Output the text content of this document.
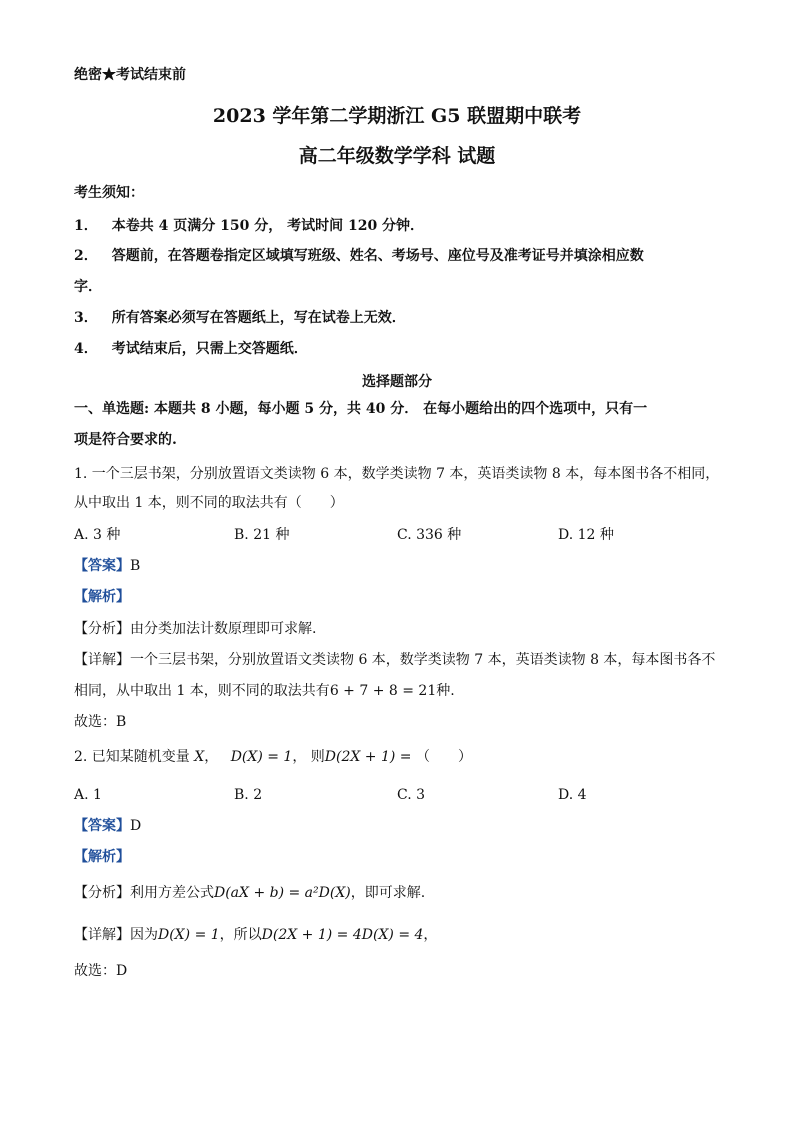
绝密★考试结束前
2023 学年第二学期浙江 G5 联盟期中联考
高二年级数学学科 试题
考生须知：
1． 本卷共 4 页满分 150 分， 考试时间 120 分钟．
2． 答题前，在答题卷指定区域填写班级、姓名、考场号、座位号及准考证号并填涂相应数
字．
3． 所有答案必须写在答题纸上，写在试卷上无效．
4． 考试结束后，只需上交答题纸．
选择题部分
一、单选题: 本题共 8 小题，每小题 5 分，共 40 分． 在每小题给出的四个选项中，只有一
项是符合要求的.
1. 一个三层书架，分别放置语文类读物 6 本，数学类读物 7 本，英语类读物 8 本，每本图书各不相同，
从中取出 1 本，则不同的取法共有（　　）
A. 3 种	B. 21 种	C. 336 种	D. 12 种
【答案】B
【解析】
【分析】由分类加法计数原理即可求解.
【详解】一个三层书架，分别放置语文类读物 6 本，数学类读物 7 本，英语类读物 8 本，每本图书各不
相同，从中取出 1 本，则不同的取法共有6 + 7 + 8 = 21种.
故选：B
2. 已知某随机变量 X， D(X) = 1， 则D(2X + 1) = （　　）
A. 1	B. 2	C. 3	D. 4
【答案】D
【解析】
【分析】利用方差公式D(aX + b) = a²D(X)，即可求解.
【详解】因为D(X) = 1，所以D(2X + 1) = 4D(X) = 4，
故选：D
